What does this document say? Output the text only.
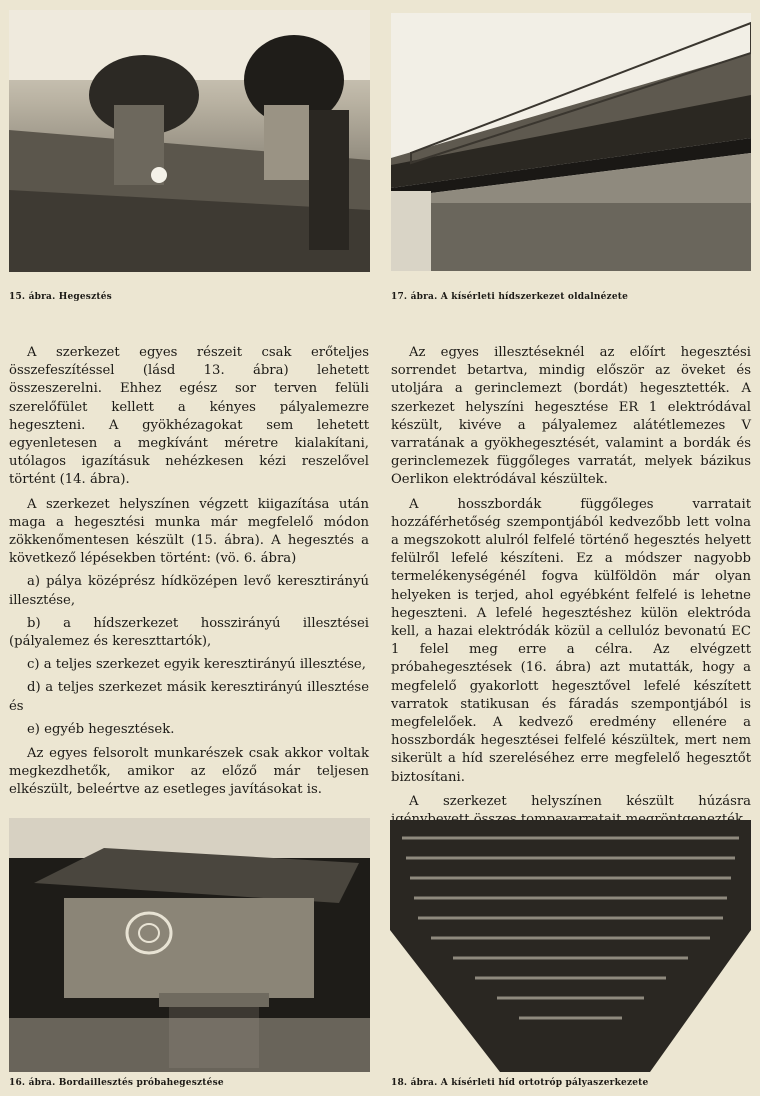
15. ábra. Hegesztés	17. ábra. A kísérleti hídszerkezet oldalnézete

A szerkezet egyes részeit csak erőteljes összefeszítéssel (lásd 13. ábra) lehetett összeszerelni. Ehhez egész sor terven felüli szerelőfület kellett a kényes pályalemezre hegeszteni. A gyökhézagokat sem lehetett egyenletesen a megkívánt méretre kialakítani, utólagos igazításuk nehézkesen kézi reszelővel történt (14. ábra).

A szerkezet helyszínen végzett kiigazítása után maga a hegesztési munka már megfelelő módon zökkenőmentesen készült (15. ábra). A hegesztés a következő lépésekben történt: (vö. 6. ábra)

a) pálya középrész hídközépen levő keresztirányú illesztése,

b) a hídszerkezet hosszirányú illesztései (pályalemez és kereszttartók),

c) a teljes szerkezet egyik keresztirányú illesztése,

d) a teljes szerkezet másik keresztirányú illesztése és

e) egyéb hegesztések.

Az egyes felsorolt munkarészek csak akkor voltak megkezdhetők, amikor az előző már teljesen elkészült, beleértve az esetleges javításokat is.

Az egyes illesztéseknél az előírt hegesztési sorrendet betartva, mindig először az öveket és utoljára a gerinclemezt (bordát) hegesztették. A szerkezet helyszíni hegesztése ER 1 elektródával készült, kivéve a pályalemez alátétlemezes V varratának a gyökhegesztését, valamint a bordák és gerinclemezek függőleges varratát, melyek bázikus Oerlikon elektródával készültek.

A hosszbordák függőleges varratait hozzáférhetőség szempontjából kedvezőbb lett volna a megszokott alulról felfelé történő hegesztés helyett felülről lefelé készíteni. Ez a módszer nagyobb termelékenységénél fogva külföldön már olyan helyeken is terjed, ahol egyébként felfelé is lehetne hegeszteni. A lefelé hegesztéshez külön elektróda kell, a hazai elektródák közül a cellulóz bevonatú EC 1 felel meg erre a célra. Az elvégzett próbahegesztések (16. ábra) azt mutatták, hogy a megfelelő gyakorlott hegesztővel lefelé készített varratok statikusan és fáradás szempontjából is megfelelőek. A kedvező eredmény ellenére a hosszbordák hegesztései felfelé készültek, mert nem sikerült a híd szereléséhez erre megfelelő hegesztőt biztosítani.

A szerkezet helyszínen készült húzásra

16. ábra. Bordaillesztés próbahegesztése	18. ábra. A kísérleti híd ortotróp pályaszerkezete
